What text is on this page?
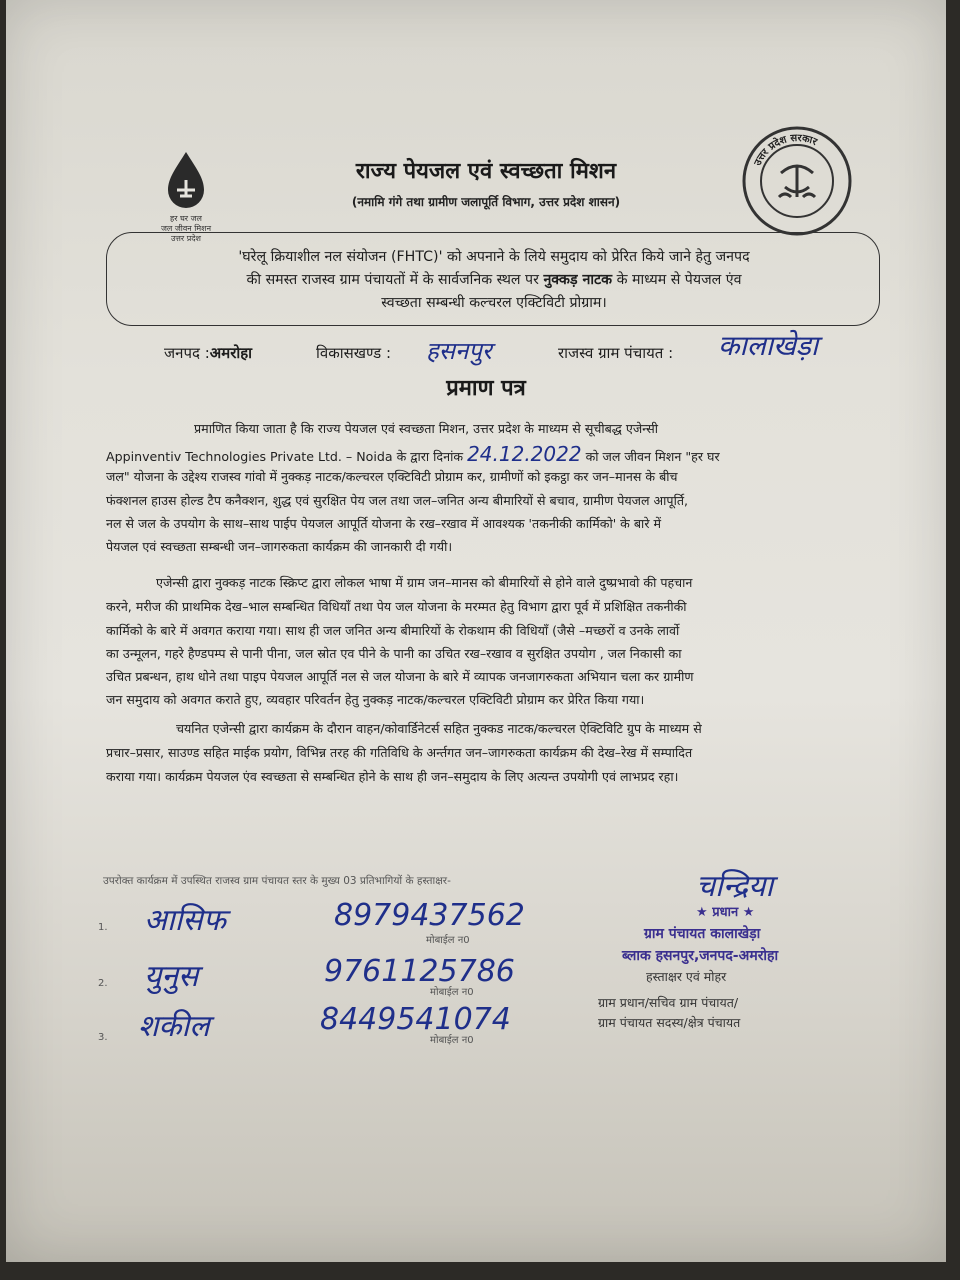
हर घर जल
जल जीवन मिशन
उत्तर प्रदेश
उत्तर प्रदेश सरकार
राज्य पेयजल एवं स्वच्छता मिशन
(नमामि गंगे तथा ग्रामीण जलापूर्ति विभाग, उत्तर प्रदेश शासन)
'घरेलू क्रियाशील नल संयोजन (FHTC)' को अपनाने के लिये समुदाय को प्रेरित किये जाने हेतु जनपद
की समस्त राजस्व ग्राम पंचायतों में के सार्वजनिक स्थल पर नुक्कड़ नाटक के माध्यम से पेयजल एंव
स्वच्छता सम्बन्धी कल्चरल एक्टिविटी प्रोग्राम।
जनपद :अमरोहा	विकासखण्ड : हसनपुर	राजस्व ग्राम पंचायत : कालाखेड़ा
प्रमाण पत्र
प्रमाणित किया जाता है कि राज्य पेयजल एवं स्वच्छता मिशन, उत्तर प्रदेश के माध्यम से सूचीबद्ध एजेन्सी
Appinventiv Technologies Private Ltd. – Noida के द्वारा दिनांक 24.12.2022 को जल जीवन मिशन "हर घर
जल" योजना के उद्देश्य राजस्व गांवो में नुक्कड़ नाटक/कल्चरल एक्टिविटी प्रोग्राम कर, ग्रामीणों को इकट्ठा कर जन–मानस के बीच
फंक्शनल हाउस होल्ड टैप कनैक्शन, शुद्ध एवं सुरक्षित पेय जल तथा जल–जनित अन्य बीमारियों से बचाव, ग्रामीण पेयजल आपूर्ति,
नल से जल के उपयोग के साथ–साथ पाईप पेयजल आपूर्ति योजना के रख–रखाव में आवश्यक 'तकनीकी कार्मिको' के बारे में
पेयजल एवं स्वच्छता सम्बन्धी जन–जागरुकता कार्यक्रम की जानकारी दी गयी।
एजेन्सी द्वारा नुक्कड़ नाटक स्क्रिप्ट द्वारा लोकल भाषा में ग्राम जन–मानस को बीमारियों से होने वाले दुष्प्रभावो की पहचान
करने, मरीज की प्राथमिक देख–भाल सम्बन्धित विधियाँ तथा पेय जल योजना के मरम्मत हेतु विभाग द्वारा पूर्व में प्रशिक्षित तकनीकी
कार्मिको के बारे में अवगत कराया गया। साथ ही जल जनित अन्य बीमारियों के रोकथाम की विधियाँ (जैसे –मच्छरों व उनके लार्वो
का उन्मूलन, गहरे हैण्डपम्प से पानी पीना, जल स्रोत एव पीने के पानी का उचित रख–रखाव व सुरक्षित उपयोग , जल निकासी का
उचित प्रबन्धन, हाथ धोने तथा पाइप पेयजल आपूर्ति नल से जल योजना के बारे में व्यापक जनजागरुकता अभियान चला कर ग्रामीण
जन समुदाय को अवगत कराते हुए, व्यवहार परिवर्तन हेतु नुक्कड़ नाटक/कल्चरल एक्टिविटी प्रोग्राम कर प्रेरित किया गया।
चयनित एजेन्सी द्वारा कार्यक्रम के दौरान वाहन/कोवार्डिनेटर्स सहित नुक्कड नाटक/कल्चरल ऐक्टिविटि ग्रुप के माध्यम से
प्रचार–प्रसार, साउण्ड सहित माईक प्रयोग, विभिन्न तरह की गतिविधि के अर्न्तगत जन–जागरुकता कार्यक्रम की देख–रेख में सम्पादित
कराया गया। कार्यक्रम पेयजल एंव स्वच्छता से सम्बन्धित होने के साथ ही जन–समुदाय के लिए अत्यन्त उपयोगी एवं लाभप्रद रहा।
उपरोक्त कार्यक्रम में उपस्थित राजस्व ग्राम पंचायत स्तर के मुख्य 03 प्रतिभागियों के हस्ताक्षर-
1. आसिफ	8979437562
मोबाईल न0
2. युनुस	9761125786
मोबाईल न0
3. शकील	8449541074
मोबाईल न0
चन्द्रिया
★ प्रधान ★
ग्राम पंचायत कालाखेड़ा
ब्लाक हसनपुर,जनपद-अमरोहा
हस्ताक्षर एवं मोहर
ग्राम प्रधान/सचिव ग्राम पंचायत/
ग्राम पंचायत सदस्य/क्षेत्र पंचायत
